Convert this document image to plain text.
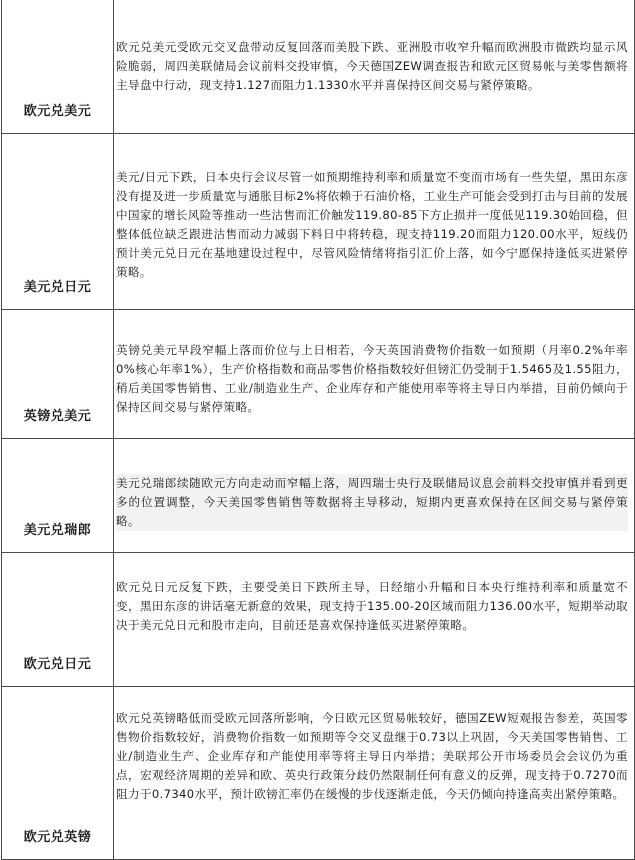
欧元兑美元
欧元兑美元受欧元交叉盘带动反复回落而美股下跌、亚洲股市收窄升幅而欧洲股市微跌均显示风险脆弱，周四美联储局会议前料交投审慎，今天德国ZEW调查报告和欧元区贸易帐与美零售额将主导盘中行动，现支持1.127而阻力1.1330水平并喜保持区间交易与紧停策略。
美元兑日元
美元/日元下跌，日本央行会议尽管一如预期维持利率和质量宽不变而市场有一些失望，黑田东彦没有提及进一步质量宽与通胀目标2%将依赖于石油价格，工业生产可能会受到打击与目前的发展中国家的增长风险等推动一些沽售而汇价触发119.80-85下方止损并一度低见119.30始回稳，但整体低位缺乏跟进沽售而动力减弱下料日中将转稳，现支持119.20而阻力120.00水平，短线仍预计美元兑日元在基地建设过程中，尽管风险情绪将指引汇价上落，如今宁愿保持逢低买进紧停策略。
英镑兑美元
英镑兑美元早段窄幅上落而价位与上日相若，今天英国消费物价指数一如预期（月率0.2%年率0%核心年率1%），生产价格指数和商品零售价格指数较好但镑汇仍受制于1.5465及1.55阻力，稍后美国零售销售、工业/制造业生产、企业库存和产能使用率等将主导日内举措，目前仍倾向于保持区间交易与紧停策略。
美元兑瑞郎
美元兑瑞郎续随欧元方向走动而窄幅上落，周四瑞士央行及联储局议息会前料交投审慎并看到更多的位置调整，今天美国零售销售等数据将主导移动，短期内更喜欢保持在区间交易与紧停策略。
欧元兑日元
欧元兑日元反复下跌，主要受美日下跌所主导，日经缩小升幅和日本央行维持利率和质量宽不变，黑田东彦的讲话毫无新意的效果，现支持于135.00-20区域而阻力136.00水平，短期举动取决于美元兑日元和股市走向，目前还是喜欢保持逢低买进紧停策略。
欧元兑英镑
欧元兑英镑略低而受欧元回落所影响，今日欧元区贸易帐较好，德国ZEW短观报告参差，英国零售物价指数较好，消费物价指数一如预期等令交叉盘继于0.73以上巩固，今天美国零售销售、工业/制造业生产、企业库存和产能使用率等将主导日内举措；美联邦公开市场委员会会议仍为重点，宏观经济周期的差异和欧、英央行政策分歧仍然限制任何有意义的反弹，现支持于0.7270而阻力于0.7340水平，预计欧镑汇率仍在缓慢的步伐逐渐走低，今天仍倾向持逢高卖出紧停策略。
